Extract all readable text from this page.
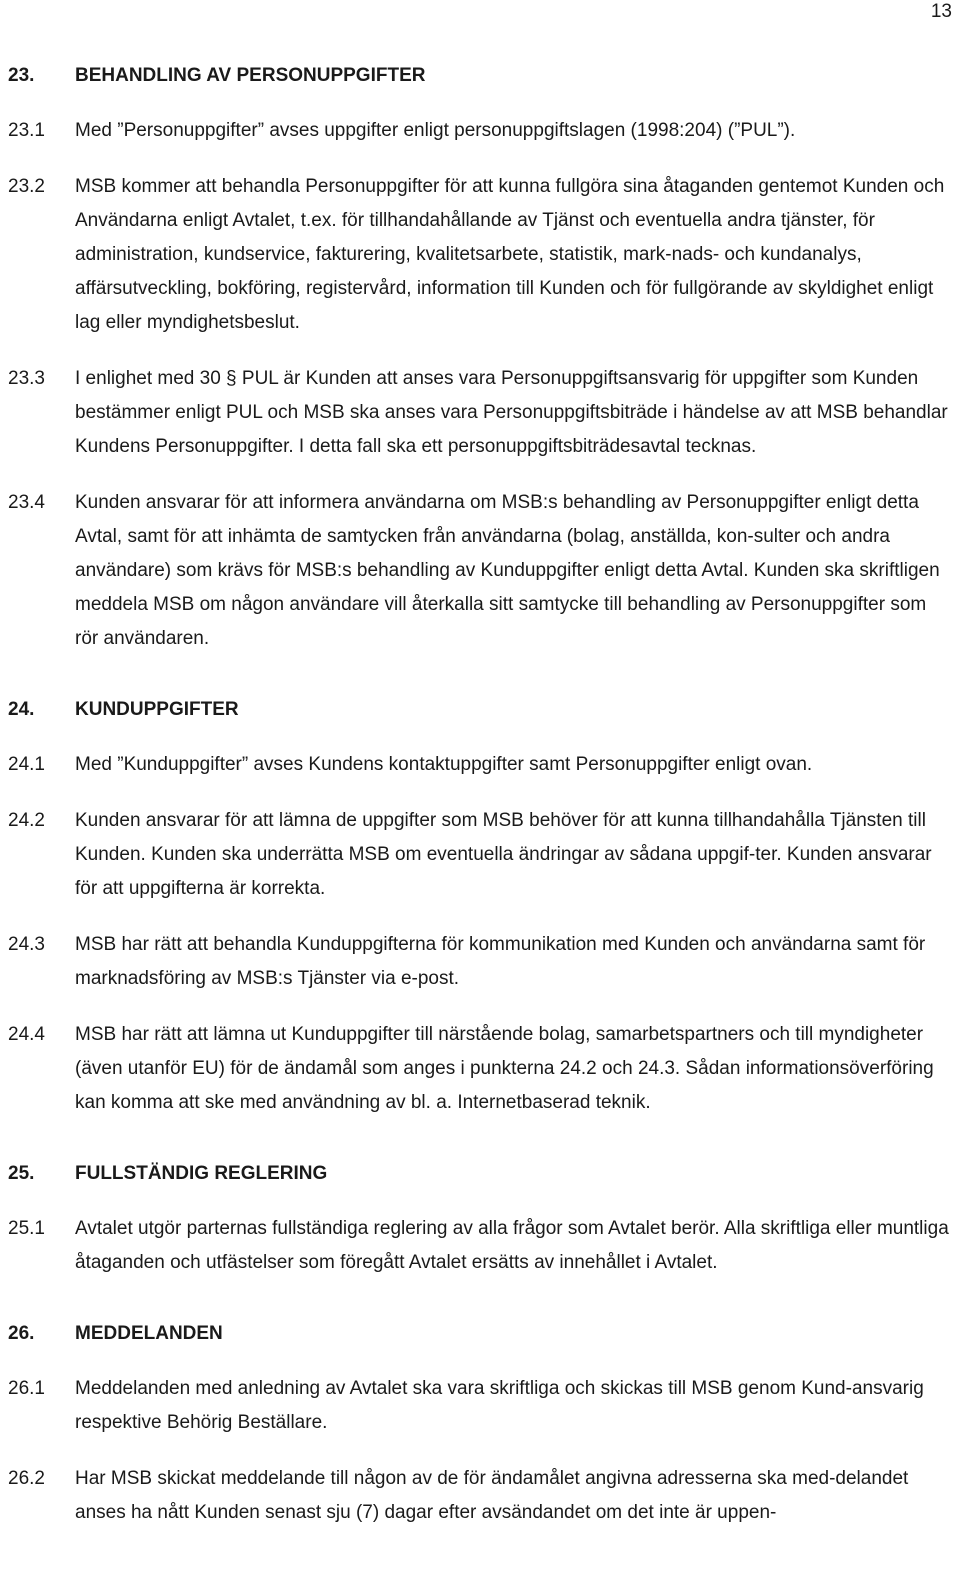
13
23.	BEHANDLING AV PERSONUPPGIFTER
23.1	Med ”Personuppgifter” avses uppgifter enligt personuppgiftslagen (1998:204) (”PUL”).
23.2	MSB kommer att behandla Personuppgifter för att kunna fullgöra sina åtaganden gentemot Kunden och Användarna enligt Avtalet, t.ex. för tillhandahållande av Tjänst och eventuella andra tjänster, för administration, kundservice, fakturering, kvalitetsarbete, statistik, mark-nads- och kundanalys, affärsutveckling, bokföring, registervård, information till Kunden och för fullgörande av skyldighet enligt lag eller myndighetsbeslut.
23.3	I enlighet med 30 § PUL är Kunden att anses vara Personuppgiftsansvarig för uppgifter som Kunden bestämmer enligt PUL och MSB ska anses vara Personuppgiftsbiträde i händelse av att MSB behandlar Kundens Personuppgifter. I detta fall ska ett personuppgiftsbiträdesavtal tecknas.
23.4	Kunden ansvarar för att informera användarna om MSB:s behandling av Personuppgifter enligt detta Avtal, samt för att inhämta de samtycken från användarna (bolag, anställda, kon-sulter och andra användare) som krävs för MSB:s behandling av Kunduppgifter enligt detta Avtal. Kunden ska skriftligen meddela MSB om någon användare vill återkalla sitt samtycke till behandling av Personuppgifter som rör användaren.
24.	KUNDUPPGIFTER
24.1	Med ”Kunduppgifter” avses Kundens kontaktuppgifter samt Personuppgifter enligt ovan.
24.2	Kunden ansvarar för att lämna de uppgifter som MSB behöver för att kunna tillhandahålla Tjänsten till Kunden. Kunden ska underrätta MSB om eventuella ändringar av sådana uppgif-ter. Kunden ansvarar för att uppgifterna är korrekta.
24.3	MSB har rätt att behandla Kunduppgifterna för kommunikation med Kunden och användarna samt för marknadsföring av MSB:s Tjänster via e-post.
24.4	MSB har rätt att lämna ut Kunduppgifter till närstående bolag, samarbetspartners och till myndigheter (även utanför EU) för de ändamål som anges i punkterna 24.2 och 24.3. Sådan informationsöverföring kan komma att ske med användning av bl. a. Internetbaserad teknik.
25.	FULLSTÄNDIG REGLERING
25.1	Avtalet utgör parternas fullständiga reglering av alla frågor som Avtalet berör. Alla skriftliga eller muntliga åtaganden och utfästelser som föregått Avtalet ersätts av innehållet i Avtalet.
26.	MEDDELANDEN
26.1	Meddelanden med anledning av Avtalet ska vara skriftliga och skickas till MSB genom Kund-ansvarig respektive Behörig Beställare.
26.2	Har MSB skickat meddelande till någon av de för ändamålet angivna adresserna ska med-delandet anses ha nått Kunden senast sju (7) dagar efter avsändandet om det inte är uppen-
